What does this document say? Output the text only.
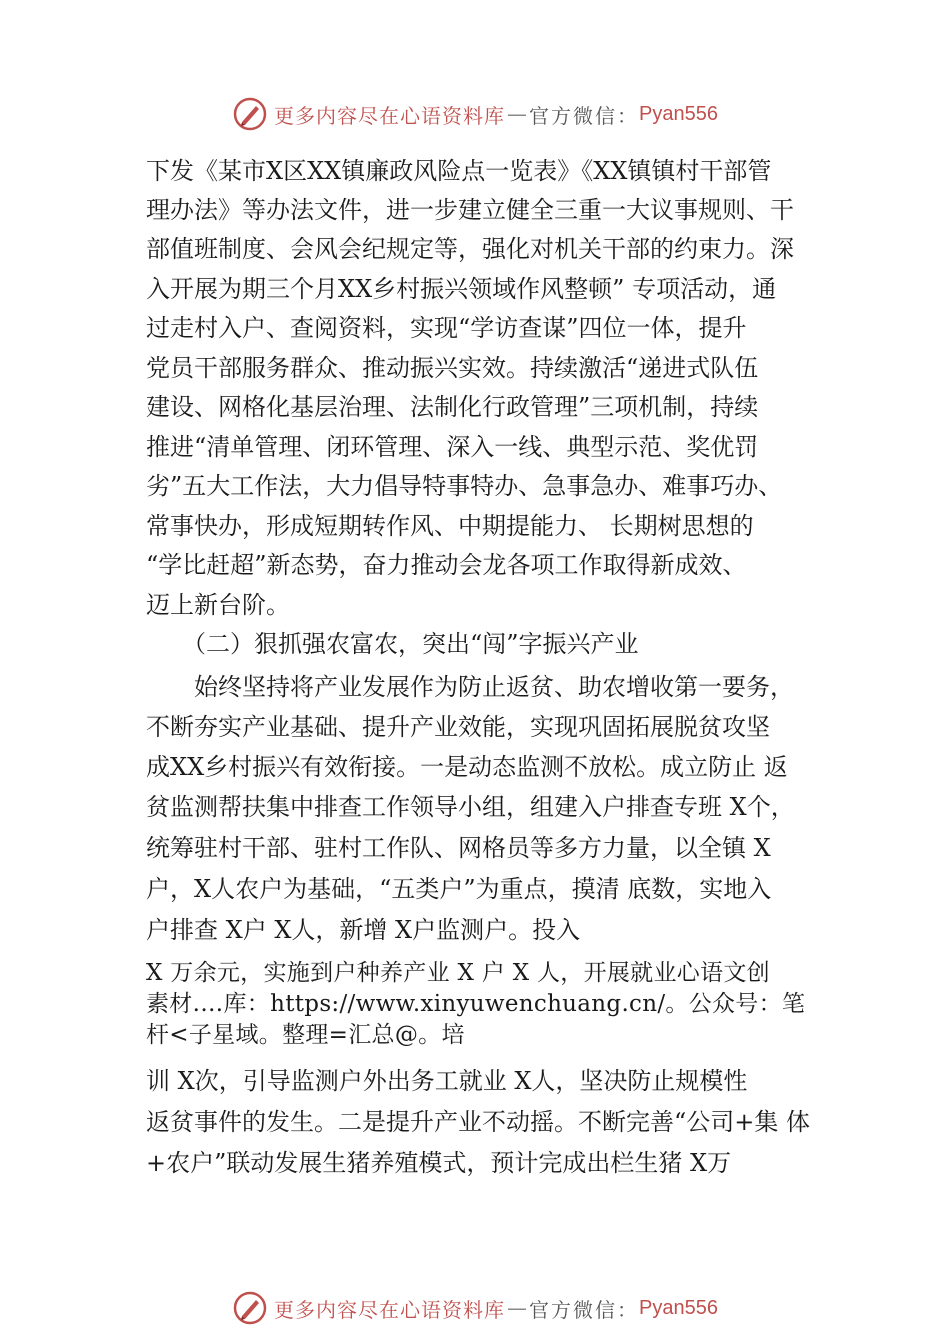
更多内容尽在心语资料库 — 官方微信： Pyan556
下发《某市X区XX镇廉政风险点一览表》《XX镇镇村干部管
理办法》等办法文件，进一步建立健全三重一大议事规则、干
部值班制度、会风会纪规定等，强化对机关干部的约束力。深
入开展为期三个月XX乡村振兴领域作风整顿” 专项活动，通
过走村入户、查阅资料，实现“学访查谋”四位一体，提升
党员干部服务群众、推动振兴实效。持续激活“递进式队伍
建设、网格化基层治理、法制化行政管理”三项机制，持续
推进“清单管理、闭环管理、深入一线、典型示范、奖优罚
劣”五大工作法，大力倡导特事特办、急事急办、难事巧办、
常事快办，形成短期转作风、中期提能力、 长期树思想的
“学比赶超”新态势，奋力推动会龙各项工作取得新成效、
迈上新台阶。
　　（二）狠抓强农富农，突出“闯”字振兴产业
　　始终坚持将产业发展作为防止返贫、助农增收第一要务，
不断夯实产业基础、提升产业效能，实现巩固拓展脱贫攻坚
成XX乡村振兴有效衔接。一是动态监测不放松。成立防止 返
贫监测帮扶集中排查工作领导小组，组建入户排查专班 X个，
统筹驻村干部、驻村工作队、网格员等多方力量，以全镇 X
户，X人农户为基础，“五类户”为重点，摸清 底数，实地入
户排查 X户 X人，新增 X户监测户。投入
X 万余元，实施到户种养产业 X 户 X 人，开展就业心语文创
素材.…库：https://www.xinyuwenchuang.cn/。公众号：笔
杆<子星域。整理=汇总@。培
训 X次，引导监测户外出务工就业 X人，坚决防止规模性
返贫事件的发生。二是提升产业不动摇。不断完善“公司+集 体
+农户”联动发展生猪养殖模式，预计完成出栏生猪 X万
更多内容尽在心语资料库 — 官方微信： Pyan556
